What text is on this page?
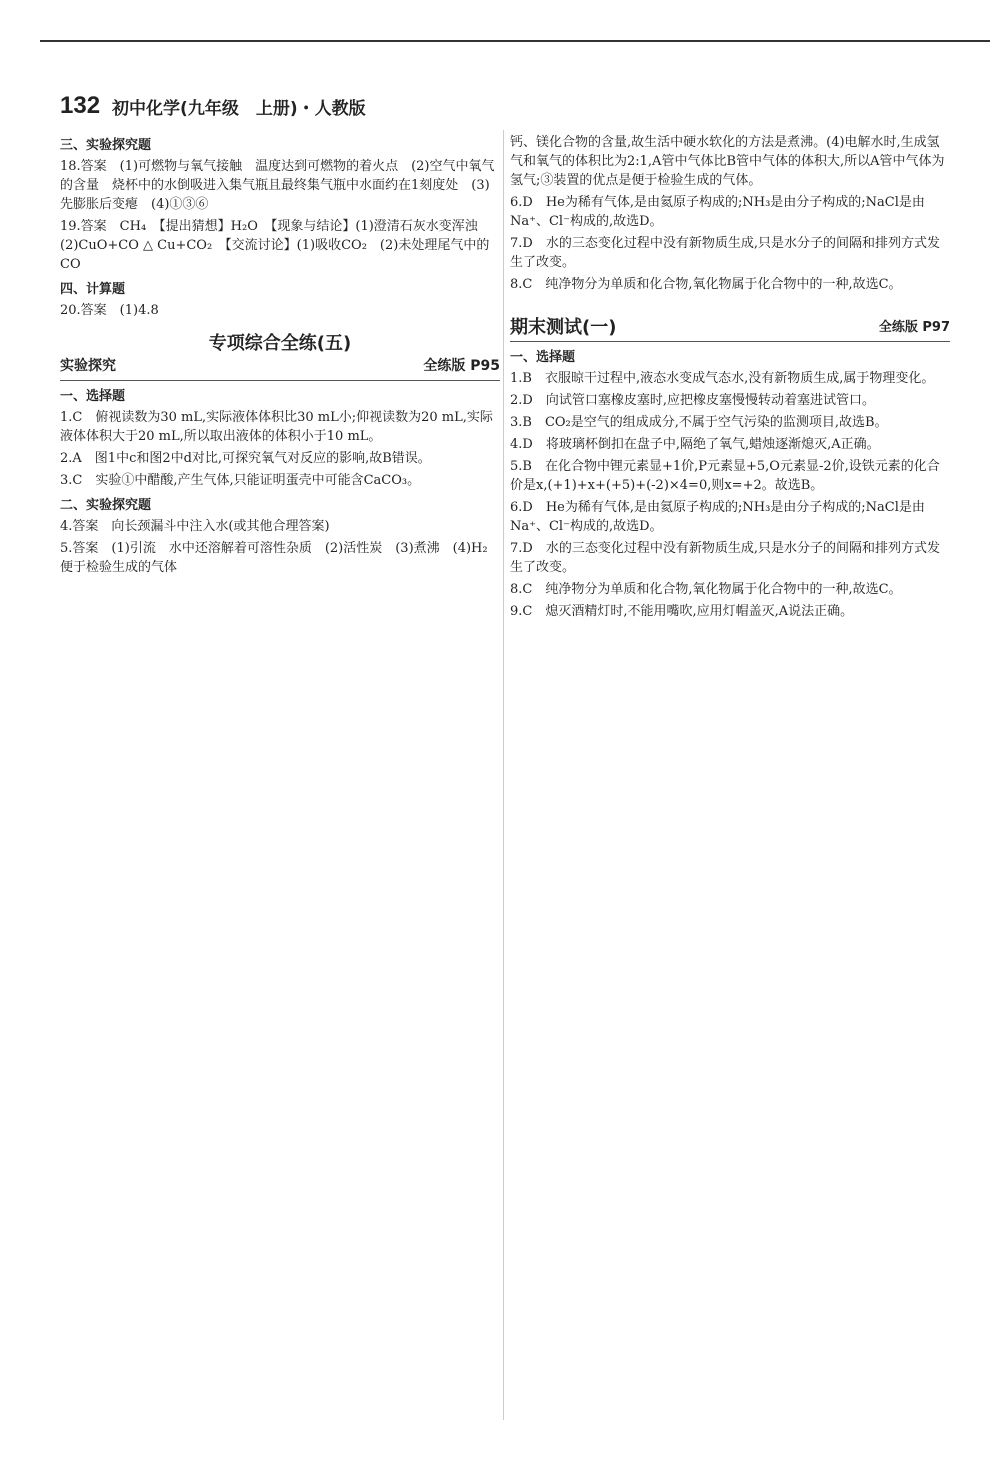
132 初中化学(九年级　上册)・人教版
三、实验探究题

18.答案　(1)可燃物与氧气接触　温度达到可燃物的着火点　(2)空气中氧气的含量　烧杯中的水倒吸进入集气瓶且最终集气瓶中水面约在1刻度处　(3)先膨胀后变瘪　(4)①③⑥

19.答案　CH₄　【提出猜想】H₂O　【现象与结论】(1)澄清石灰水变浑浊　(2)CuO+CO △ Cu+CO₂　【交流讨论】(1)吸收CO₂　(2)未处理尾气中的CO

四、计算题

20.答案　(1)4.8

专项综合全练(五)
实验探究	全练版 P95
一、选择题

1.C　俯视读数为30 mL,实际液体体积比30 mL小;仰视读数为20 mL,实际液体体积大于20 mL,所以取出液体的体积小于10 mL。

2.A　图1中c和图2中d对比,可探究氧气对反应的影响,故B错误。

3.C　实验①中醋酸,产生气体,只能证明蛋壳中可能含CaCO₃。

二、实验探究题

4.答案　向长颈漏斗中注入水(或其他合理答案)

5.答案　(1)引流　水中还溶解着可溶性杂质　(2)活性炭　(3)煮沸　(4)H₂　便于检验生成的气体

钙、镁化合物的含量,故生活中硬水软化的方法是煮沸。(4)电解水时,生成氢气和氧气的体积比为2:1,A管中气体比B管中气体的体积大,所以A管中气体为氢气;③装置的优点是便于检验生成的气体。

6.D　He为稀有气体,是由氦原子构成的;NH₃是由分子构成的;NaCl是由Na⁺、Cl⁻构成的,故选D。

7.D　水的三态变化过程中没有新物质生成,只是水分子的间隔和排列方式发生了改变。

8.C　纯净物分为单质和化合物,氧化物属于化合物中的一种,故选C。

期末测试(一)	全练版 P97
一、选择题

1.B　衣服晾干过程中,液态水变成气态水,没有新物质生成,属于物理变化。

2.D　向试管口塞橡皮塞时,应把橡皮塞慢慢转动着塞进试管口。

3.B　CO₂是空气的组成成分,不属于空气污染的监测项目,故选B。

4.D　将玻璃杯倒扣在盘子中,隔绝了氧气,蜡烛逐渐熄灭,A正确。

5.B　在化合物中锂元素显+1价,P元素显+5,O元素显-2价,设铁元素的化合价是x,(+1)+x+(+5)+(-2)×4=0,则x=+2。故选B。

6.D　He为稀有气体,是由氦原子构成的;NH₃是由分子构成的;NaCl是由Na⁺、Cl⁻构成的,故选D。

7.D　水的三态变化过程中没有新物质生成,只是水分子的间隔和排列方式发生了改变。

8.C　纯净物分为单质和化合物,氧化物属于化合物中的一种,故选C。

9.C　熄灭酒精灯时,不能用嘴吹,应用灯帽盖灭,A说法正确。
